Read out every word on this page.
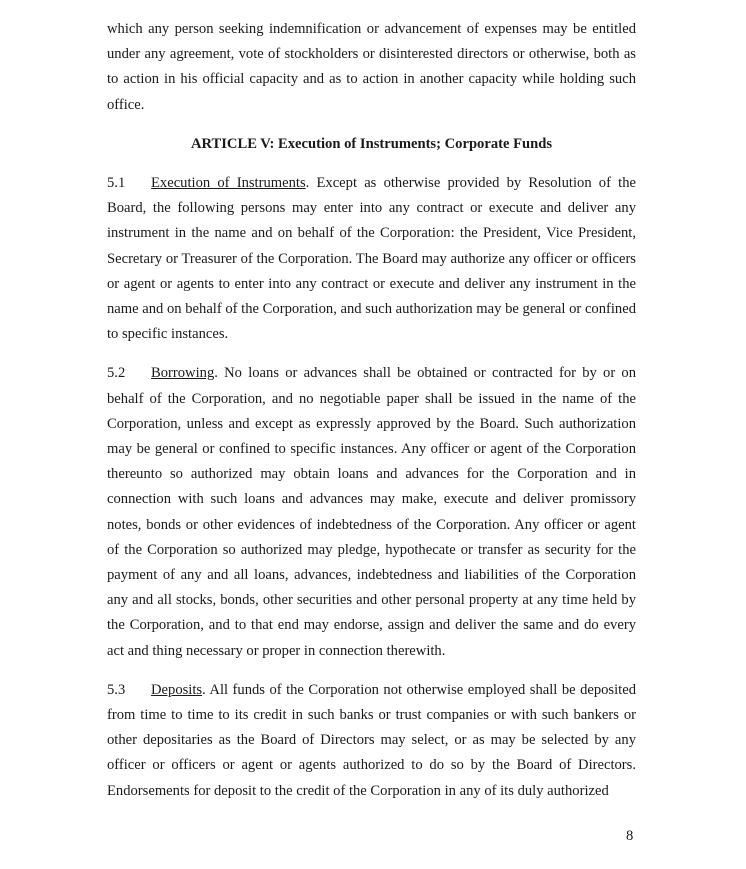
which any person seeking indemnification or advancement of expenses may be entitled under any agreement, vote of stockholders or disinterested directors or otherwise, both as to action in his official capacity and as to action in another capacity while holding such office.

ARTICLE V: Execution of Instruments; Corporate Funds

5.1 Execution of Instruments. Except as otherwise provided by Resolution of the Board, the following persons may enter into any contract or execute and deliver any instrument in the name and on behalf of the Corporation: the President, Vice President, Secretary or Treasurer of the Corporation. The Board may authorize any officer or officers or agent or agents to enter into any contract or execute and deliver any instrument in the name and on behalf of the Corporation, and such authorization may be general or confined to specific instances.

5.2 Borrowing. No loans or advances shall be obtained or contracted for by or on behalf of the Corporation, and no negotiable paper shall be issued in the name of the Corporation, unless and except as expressly approved by the Board. Such authorization may be general or confined to specific instances. Any officer or agent of the Corporation thereunto so authorized may obtain loans and advances for the Corporation and in connection with such loans and advances may make, execute and deliver promissory notes, bonds or other evidences of indebtedness of the Corporation. Any officer or agent of the Corporation so authorized may pledge, hypothecate or transfer as security for the payment of any and all loans, advances, indebtedness and liabilities of the Corporation any and all stocks, bonds, other securities and other personal property at any time held by the Corporation, and to that end may endorse, assign and deliver the same and do every act and thing necessary or proper in connection therewith.

5.3 Deposits. All funds of the Corporation not otherwise employed shall be deposited from time to time to its credit in such banks or trust companies or with such bankers or other depositaries as the Board of Directors may select, or as may be selected by any officer or officers or agent or agents authorized to do so by the Board of Directors. Endorsements for deposit to the credit of the Corporation in any of its duly authorized

8
